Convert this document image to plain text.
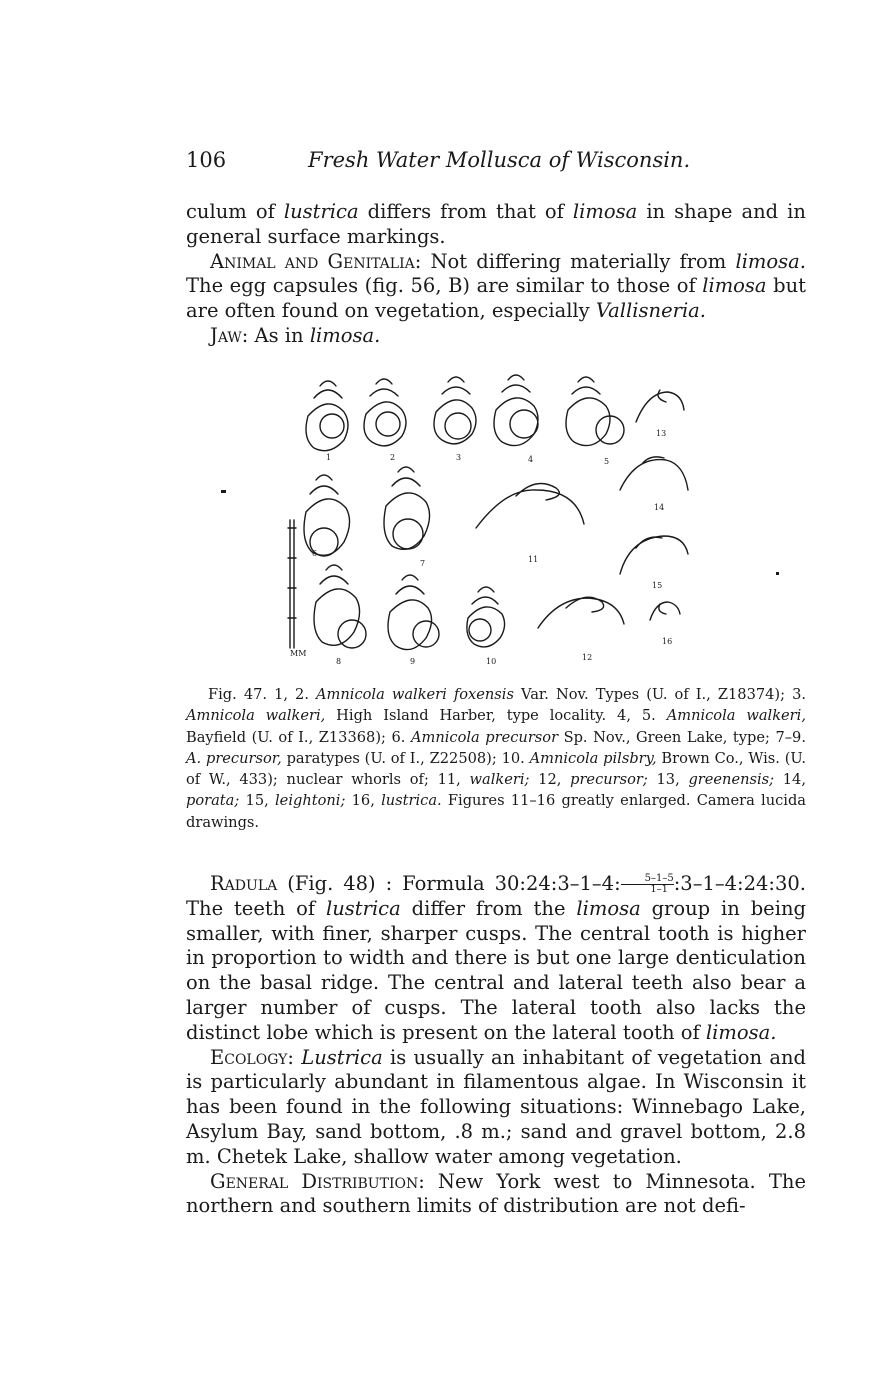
106	Fresh Water Mollusca of Wisconsin.

culum of lustrica differs from that of limosa in shape and in general surface markings.

Animal and Genitalia: Not differing materially from limosa. The egg capsules (fig. 56, B) are similar to those of limosa but are often found on vegetation, especially Vallisneria.

Jaw: As in limosa.

1	2	3	4	5
13
14
6
7	11
15
8	9	10	12
16
MM

Fig. 47. 1, 2. Amnicola walkeri foxensis Var. Nov. Types (U. of I., Z18374); 3. Amnicola walkeri, High Island Harber, type locality. 4, 5. Amnicola walkeri, Bayfield (U. of I., Z13368); 6. Amnicola precursor Sp. Nov., Green Lake, type; 7–9. A. precursor, paratypes (U. of I., Z22508); 10. Amnicola pilsbry, Brown Co., Wis. (U. of W., 433); nuclear whorls of; 11, walkeri; 12, precursor; 13, greenensis; 14, porata; 15, leightoni; 16, lustrica. Figures 11–16 greatly enlarged. Camera lucida drawings.

Radula (Fig. 48) : Formula 30:24:3–1–4: $\frac{5-1-5}{1-1}$ :3–1–4:24:30. The teeth of lustrica differ from the limosa group in being smaller, with finer, sharper cusps. The central tooth is higher in proportion to width and there is but one large denticulation on the basal ridge. The central and lateral teeth also bear a larger number of cusps. The lateral tooth also lacks the distinct lobe which is present on the lateral tooth of limosa.

Ecology: Lustrica is usually an inhabitant of vegetation and is particularly abundant in filamentous algae. In Wisconsin it has been found in the following situations: Winnebago Lake, Asylum Bay, sand bottom, .8 m.; sand and gravel bottom, 2.8 m. Chetek Lake, shallow water among vegetation.

General Distribution: New York west to Minnesota. The northern and southern limits of distribution are not defi-
